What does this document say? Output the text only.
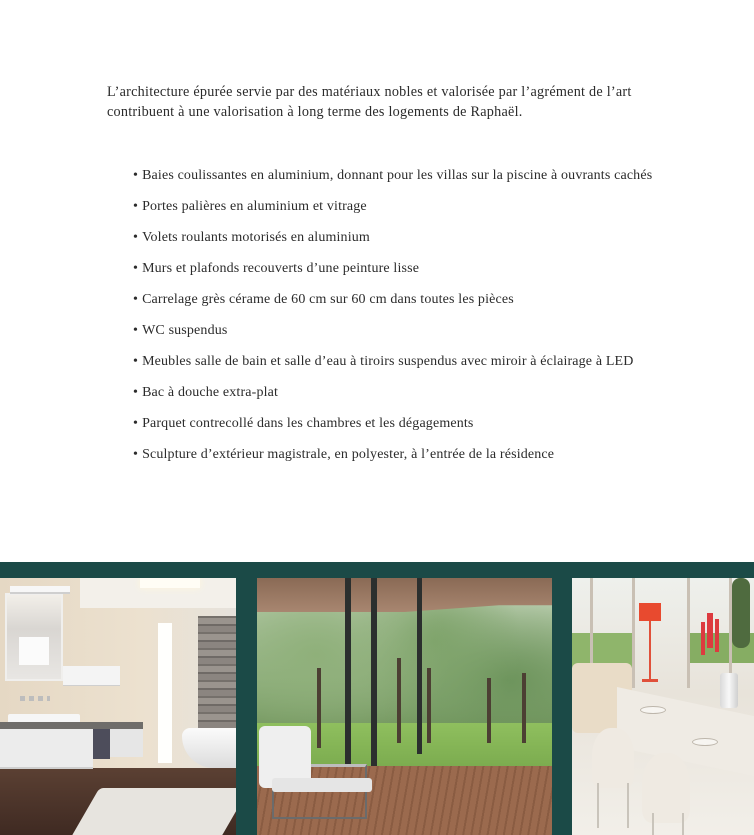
L’architecture épurée servie par des matériaux nobles et valorisée par l’agrément de l’art contribuent à une valorisation à long terme des logements de Raphaël.

• Baies coulissantes en aluminium, donnant pour les villas sur la piscine à ouvrants cachés
• Portes palières en aluminium et vitrage
• Volets roulants motorisés en aluminium
• Murs et plafonds recouverts d’une peinture lisse
• Carrelage grès cérame de 60 cm sur 60 cm dans toutes les pièces
• WC suspendus
• Meubles salle de bain et salle d’eau à tiroirs suspendus avec miroir à éclairage à LED
• Bac à douche extra-plat
• Parquet contrecollé dans les chambres et les dégagements
• Sculpture d’extérieur magistrale, en polyester, à l’entrée de la résidence
